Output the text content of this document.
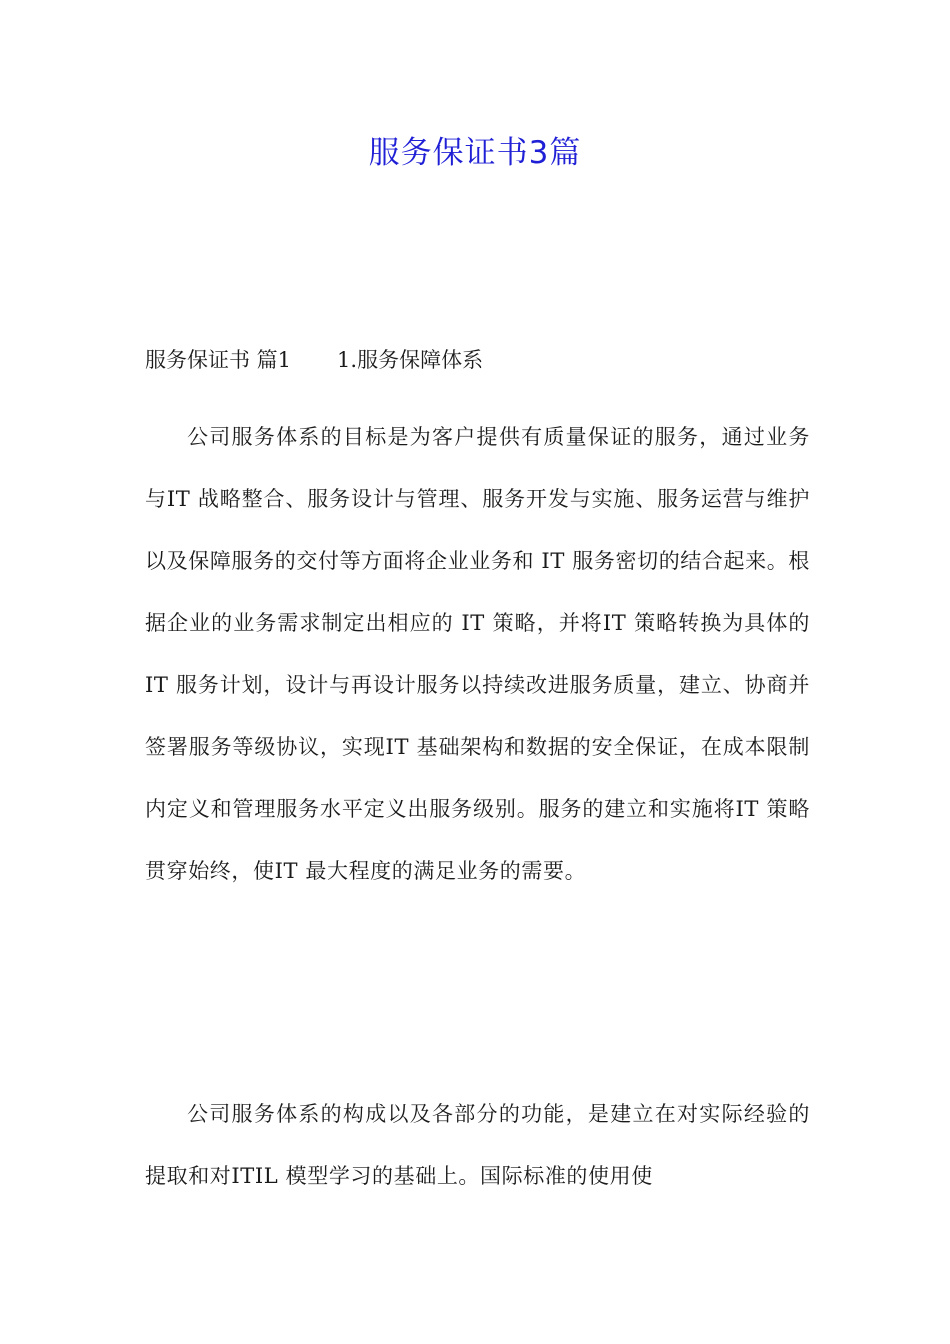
服务保证书3篇
服务保证书 篇1 1.服务保障体系

公司服务体系的目标是为客户提供有质量保证的服务，通过业务与IT 战略整合、服务设计与管理、服务开发与实施、服务运营与维护以及保障服务的交付等方面将企业业务和 IT 服务密切的结合起来。根据企业的业务需求制定出相应的 IT 策略，并将IT 策略转换为具体的IT 服务计划，设计与再设计服务以持续改进服务质量，建立、协商并签署服务等级协议，实现IT 基础架构和数据的安全保证，在成本限制内定义和管理服务水平定义出服务级别。服务的建立和实施将IT 策略贯穿始终，使IT 最大程度的满足业务的需要。

公司服务体系的构成以及各部分的功能，是建立在对实际经验的提取和对ITIL 模型学习的基础上。国际标准的使用使
